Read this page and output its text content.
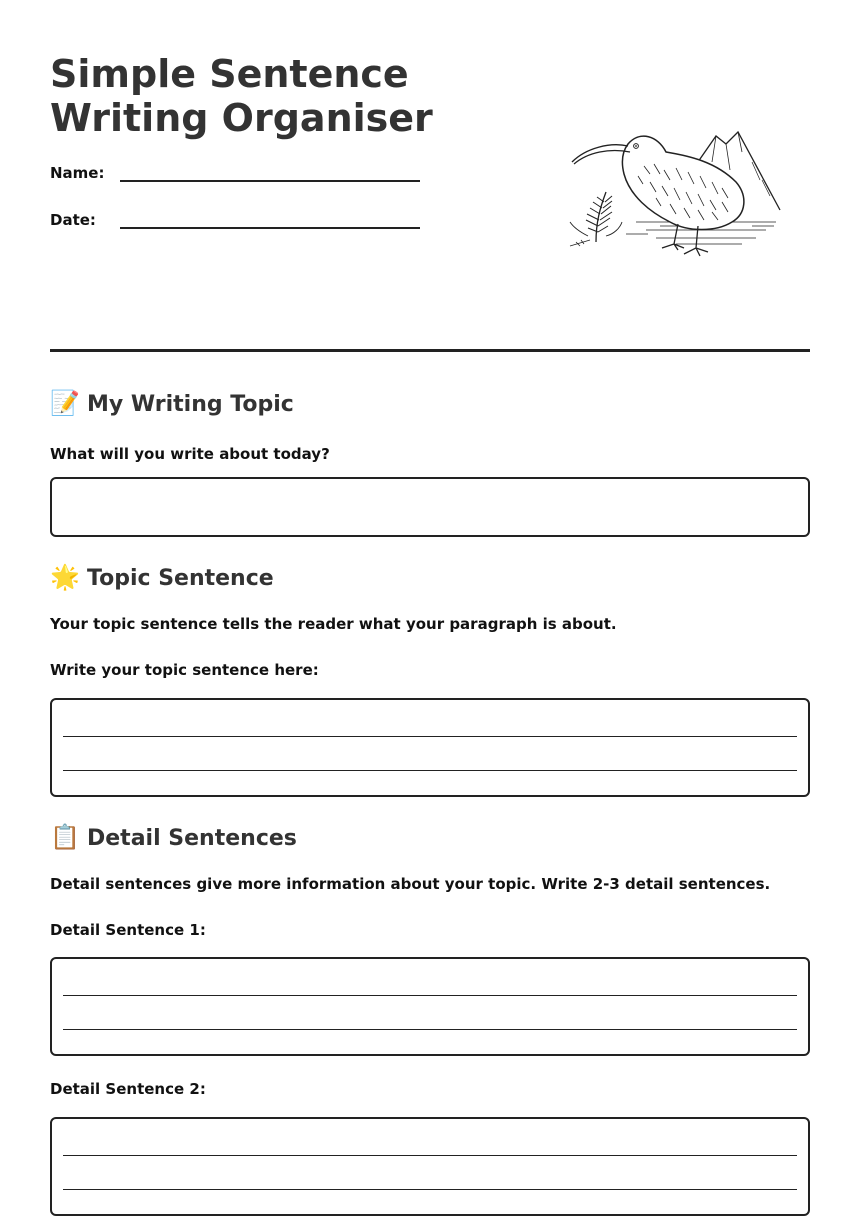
Simple Sentence
Writing Organiser
Name:
Date:
📝 My Writing Topic
What will you write about today?
🌟 Topic Sentence
Your topic sentence tells the reader what your paragraph is about.
Write your topic sentence here:
📋 Detail Sentences
Detail sentences give more information about your topic. Write 2-3 detail sentences.
Detail Sentence 1:
Detail Sentence 2:
